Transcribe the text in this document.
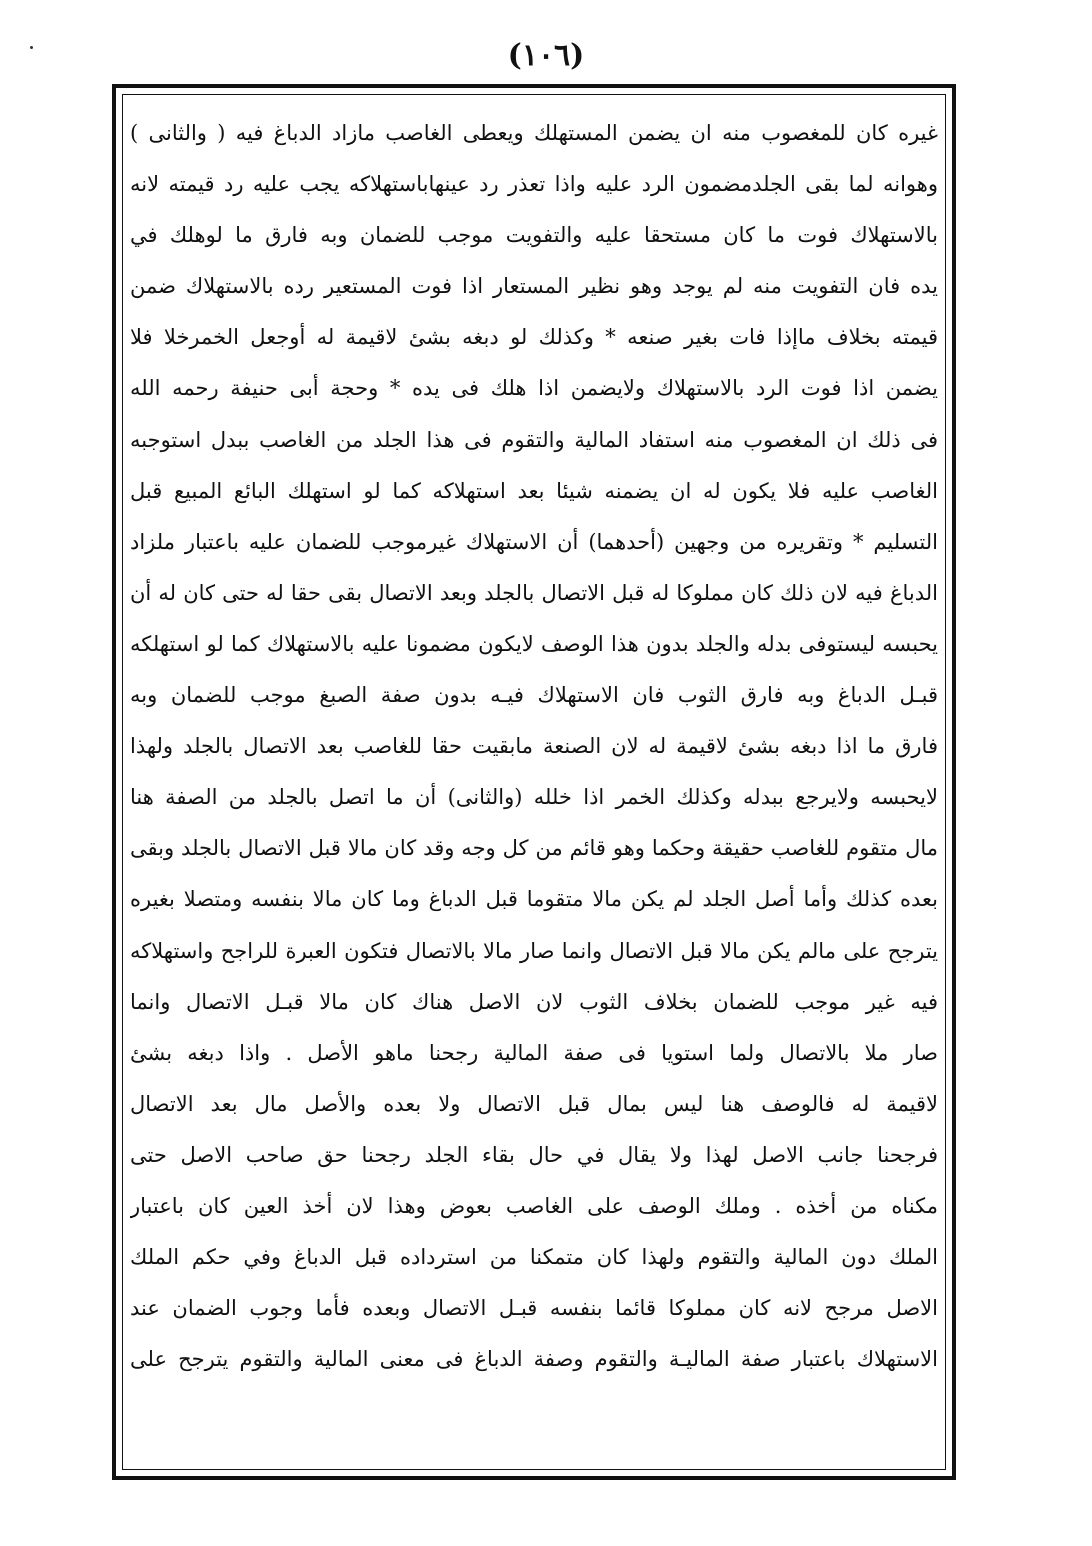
(١٠٦)
غيره كان للمغصوب منه ان يضمن المستهلك ويعطى الغاصب مازاد الدباغ فيه ( والثانى )
وهوانه لما بقى الجلدمضمون الرد عليه واذا تعذر رد عينهاباستهلاكه يجب عليه رد قيمته لانه
بالاستهلاك فوت ما كان مستحقا عليه والتفويت موجب للضمان وبه فارق ما لوهلك في
يده فان التفويت منه لم يوجد وهو نظير المستعار اذا فوت المستعير رده بالاستهلاك ضمن
قيمته بخلاف ماإذا فات بغير صنعه * وكذلك لو دبغه بشئ لاقيمة له أوجعل الخمرخلا فلا
يضمن اذا فوت الرد بالاستهلاك ولايضمن اذا هلك فى يده * وحجة أبى حنيفة رحمه الله
فى ذلك ان المغصوب منه استفاد المالية والتقوم فى هذا الجلد من الغاصب ببدل استوجبه
الغاصب عليه فلا يكون له ان يضمنه شيئا بعد استهلاكه كما لو استهلك البائع المبيع قبل
التسليم * وتقريره من وجهين (أحدهما) أن الاستهلاك غيرموجب للضمان عليه باعتبار ملزاد
الدباغ فيه لان ذلك كان مملوكا له قبل الاتصال بالجلد وبعد الاتصال بقى حقا له حتى كان له أن
يحبسه ليستوفى بدله والجلد بدون هذا الوصف لايكون مضمونا عليه بالاستهلاك كما لو استهلكه
قبـل الدباغ وبه فارق الثوب فان الاستهلاك فيـه بدون صفة الصبغ موجب للضمان وبه
فارق ما اذا دبغه بشئ لاقيمة له لان الصنعة مابقيت حقا للغاصب بعد الاتصال بالجلد ولهذا
لايحبسه ولايرجع ببدله وكذلك الخمر اذا خلله (والثانى) أن ما اتصل بالجلد من الصفة هنا
مال متقوم للغاصب حقيقة وحكما وهو قائم من كل وجه وقد كان مالا قبل الاتصال بالجلد وبقى
بعده كذلك وأما أصل الجلد لم يكن مالا متقوما قبل الدباغ وما كان مالا بنفسه ومتصلا بغيره
يترجح على مالم يكن مالا قبل الاتصال وانما صار مالا بالاتصال فتكون العبرة للراجح واستهلاكه
فيه غير موجب للضمان بخلاف الثوب لان الاصل هناك كان مالا قبـل الاتصال وانما
صار ملا بالاتصال ولما استويا فى صفة المالية رجحنا ماهو الأصل . واذا دبغه بشئ
لاقيمة له فالوصف هنا ليس بمال قبل الاتصال ولا بعده والأصل مال بعد الاتصال
فرجحنا جانب الاصل لهذا ولا يقال في حال بقاء الجلد رجحنا حق صاحب الاصل حتى
مكناه من أخذه . وملك الوصف على الغاصب بعوض وهذا لان أخذ العين كان باعتبار
الملك دون المالية والتقوم ولهذا كان متمكنا من استرداده قبل الدباغ وفي حكم الملك
الاصل مرجح لانه كان مملوكا قائما بنفسه قبـل الاتصال وبعده فأما وجوب الضمان عند
الاستهلاك باعتبار صفة الماليـة والتقوم وصفة الدباغ فى معنى المالية والتقوم يترجح على
